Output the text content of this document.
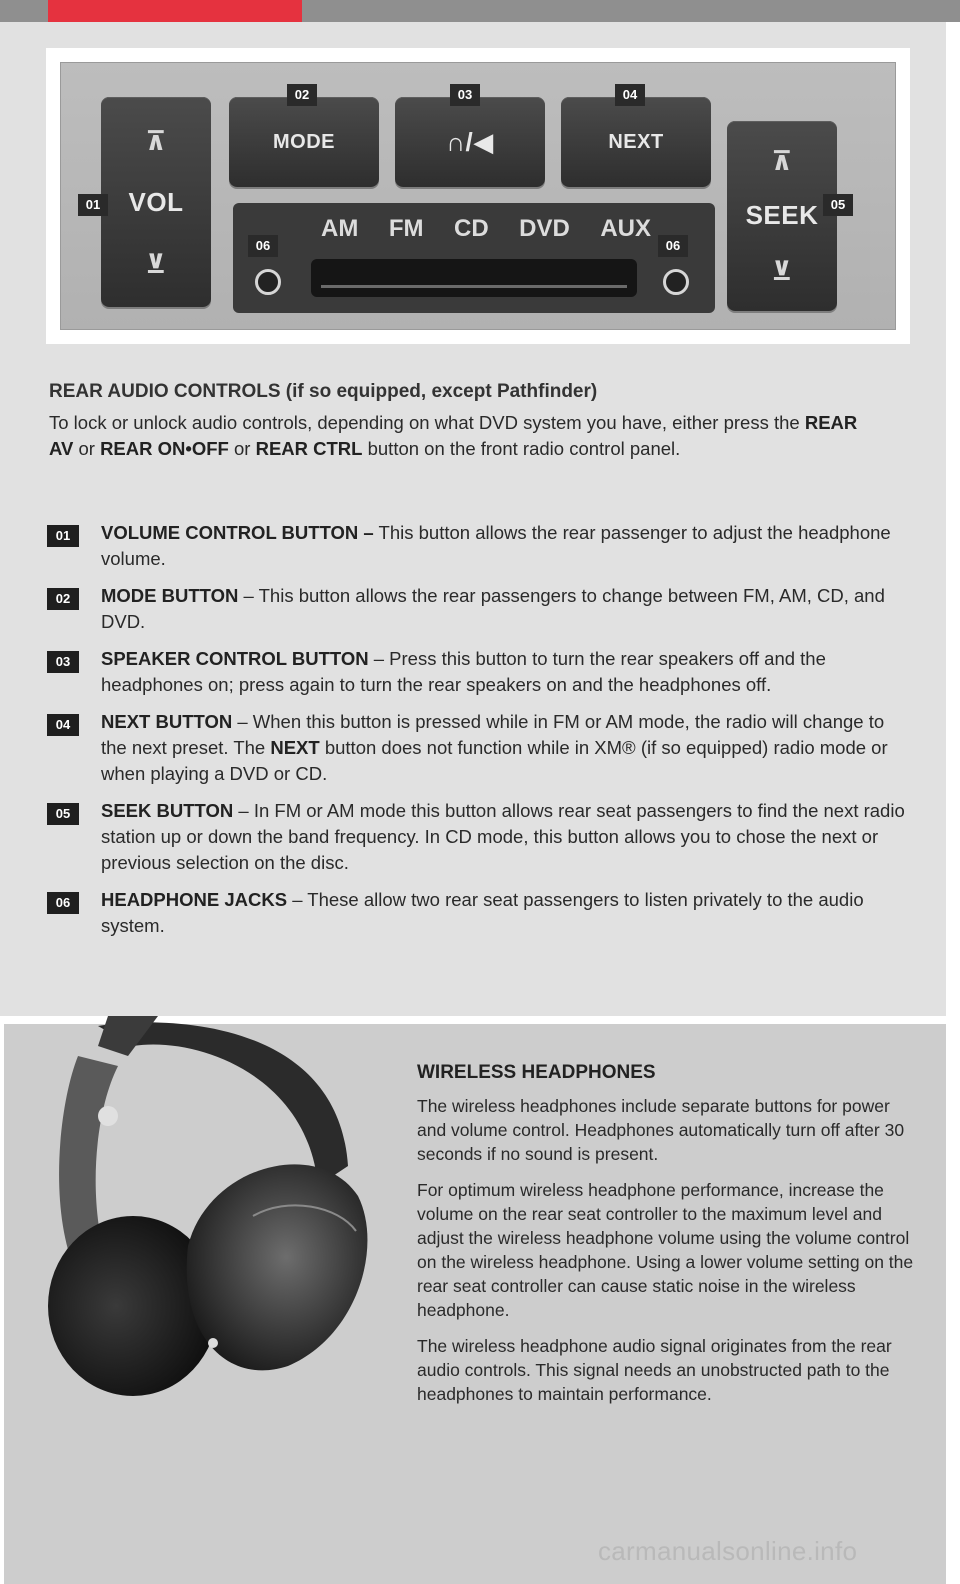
⊼
VOL
⊻
MODE	∩/◀	NEXT
⊼
SEEK
⊻
AM FM CD DVD AUX
01
02	03	04
05
06	06
REAR AUDIO CONTROLS (if so equipped, except Pathfinder)

To lock or unlock audio controls, depending on what DVD system you have, either press the REAR AV or REAR ON•OFF or REAR CTRL button on the front radio control panel.

01	VOLUME CONTROL BUTTON – This button allows the rear passenger to adjust the headphone volume.
02	MODE BUTTON – This button allows the rear passengers to change between FM, AM, CD, and DVD.
03	SPEAKER CONTROL BUTTON – Press this button to turn the rear speakers off and the headphones on; press again to turn the rear speakers on and the headphones off.
04	NEXT BUTTON – When this button is pressed while in FM or AM mode, the radio will change to the next preset. The NEXT button does not function while in XM® (if so equipped) radio mode or when playing a DVD or CD.
05	SEEK BUTTON – In FM or AM mode this button allows rear seat passengers to find the next radio station up or down the band frequency. In CD mode, this button allows you to chose the next or previous selection on the disc.
06	HEADPHONE JACKS – These allow two rear seat passengers to listen privately to the audio system.
WIRELESS HEADPHONES

The wireless headphones include separate buttons for power and volume control. Headphones automatically turn off after 30 seconds if no sound is present.

For optimum wireless headphone performance, increase the volume on the rear seat controller to the maximum level and adjust the wireless headphone volume using the volume control on the wireless headphone. Using a lower volume setting on the rear seat controller can cause static noise in the wireless headphone.

The wireless headphone audio signal originates from the rear audio controls. This signal needs an unobstructed path to the headphones to maintain performance.

carmanualsonline.info
